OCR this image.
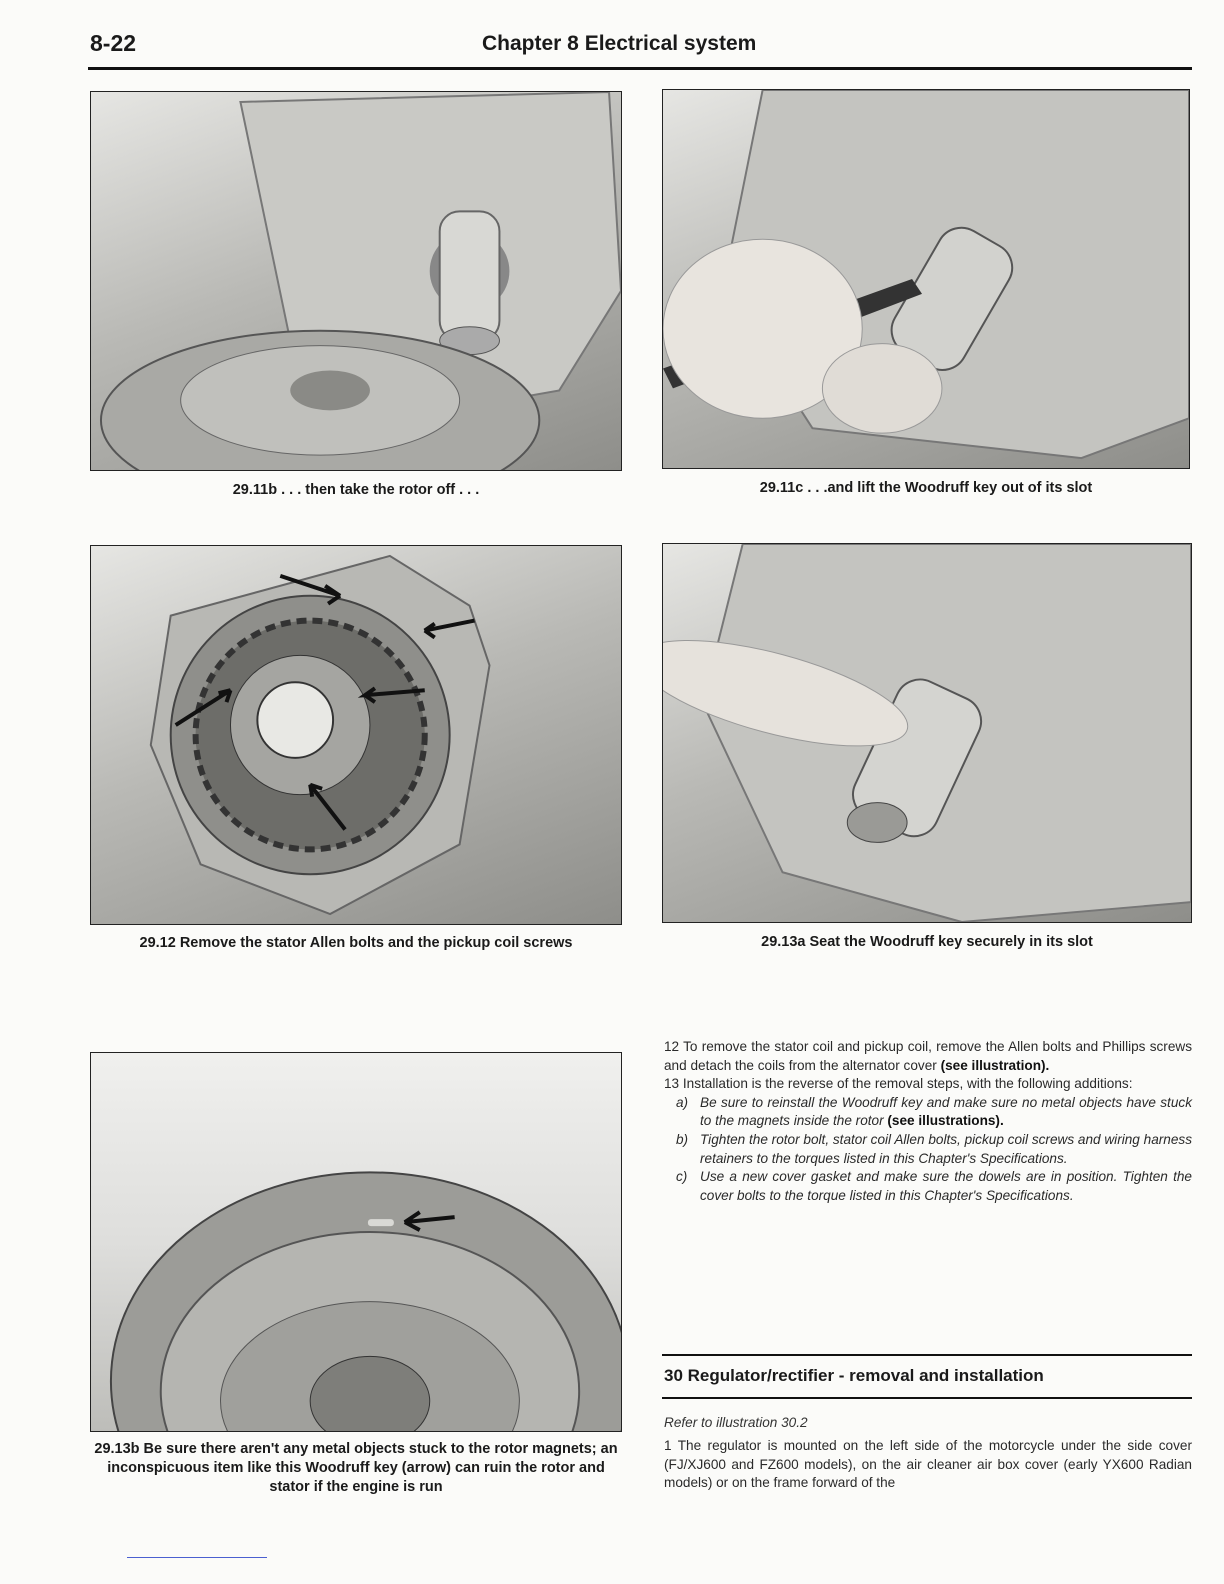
8-22	Chapter 8 Electrical system
29.11b . . . then take the rotor off . . .	29.11c . . .and lift the Woodruff key out of its slot
29.12 Remove the stator Allen bolts and the pickup coil screws	29.13a Seat the Woodruff key securely in its slot
29.13b Be sure there aren't any metal objects stuck to the rotor magnets; an inconspicuous item like this Woodruff key (arrow) can ruin the rotor and stator if the engine is run

12 To remove the stator coil and pickup coil, remove the Allen bolts and Phillips screws and detach the coils from the alternator cover (see illustration).

13 Installation is the reverse of the removal steps, with the following additions:

a) Be sure to reinstall the Woodruff key and make sure no metal objects have stuck to the magnets inside the rotor (see illustrations).
b) Tighten the rotor bolt, stator coil Allen bolts, pickup coil screws and wiring harness retainers to the torques listed in this Chapter's Specifications.
c) Use a new cover gasket and make sure the dowels are in position. Tighten the cover bolts to the torque listed in this Chapter's Specifications.
30 Regulator/rectifier - removal and installation
Refer to illustration 30.2
1 The regulator is mounted on the left side of the motorcycle under the side cover (FJ/XJ600 and FZ600 models), on the air cleaner air box cover (early YX600 Radian models) or on the frame forward of the
